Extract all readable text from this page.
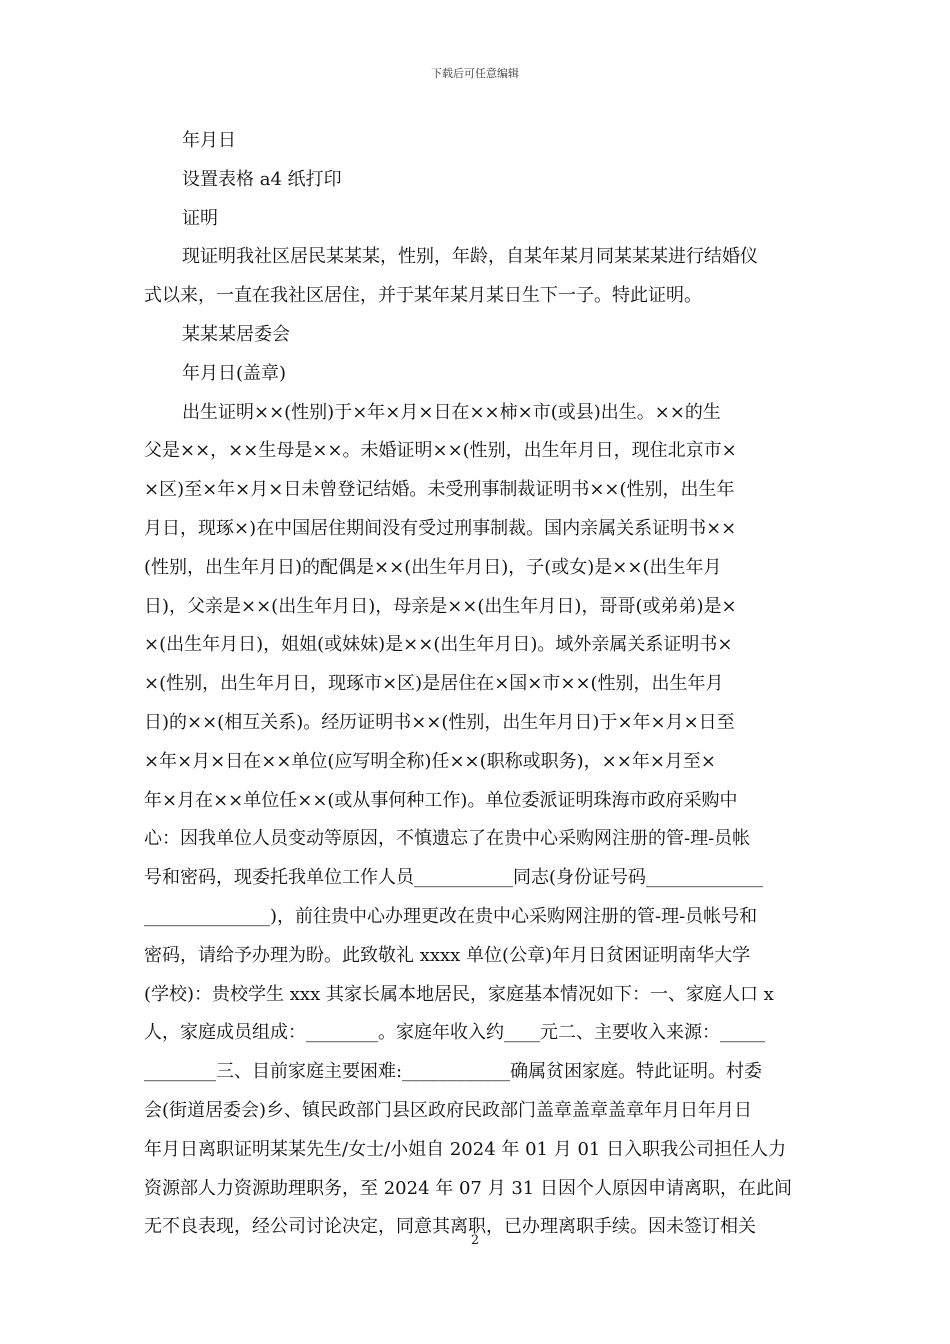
下载后可任意编辑
年月日
设置表格 a4 纸打印
证明
现证明我社区居民某某某，性别，年龄，自某年某月同某某某进行结婚仪
式以来，一直在我社区居住，并于某年某月某日生下一子。特此证明。
某某某居委会
年月日(盖章)
出生证明××(性别)于×年×月×日在××柿×市(或县)出生。××的生
父是××，××生母是××。未婚证明××(性别，出生年月日，现住北京市×
×区)至×年×月×日未曾登记结婚。未受刑事制裁证明书××(性别，出生年
月日，现琢×)在中国居住期间没有受过刑事制裁。国内亲属关系证明书××
(性别，出生年月日)的配偶是××(出生年月日)，子(或女)是××(出生年月
日)，父亲是××(出生年月日)，母亲是××(出生年月日)，哥哥(或弟弟)是×
×(出生年月日)，姐姐(或妹妹)是××(出生年月日)。域外亲属关系证明书×
×(性别，出生年月日，现琢市×区)是居住在×国×市××(性别，出生年月
日)的××(相互关系)。经历证明书××(性别，出生年月日)于×年×月×日至
×年×月×日在××单位(应写明全称)任××(职称或职务)，××年×月至×
年×月在××单位任××(或从事何种工作)。单位委派证明珠海市政府采购中
心：因我单位人员变动等原因，不慎遗忘了在贵中心采购网注册的管-理-员帐
号和密码，现委托我单位工作人员___________同志(身份证号码_____________
______________)，前往贵中心办理更改在贵中心采购网注册的管-理-员帐号和
密码，请给予办理为盼。此致敬礼 xxxx 单位(公章)年月日贫困证明南华大学
(学校)：贵校学生 xxx 其家长属本地居民，家庭基本情况如下：一、家庭人口 x
人，家庭成员组成：________。家庭年收入约____元二、主要收入来源：_____
________三、目前家庭主要困难:____________确属贫困家庭。特此证明。村委
会(街道居委会)乡、镇民政部门县区政府民政部门盖章盖章盖章年月日年月日
年月日离职证明某某先生/女士/小姐自 2024 年 01 月 01 日入职我公司担任人力
资源部人力资源助理职务，至 2024 年 07 月 31 日因个人原因申请离职，在此间
无不良表现，经公司讨论决定，同意其离职，已办理离职手续。因未签订相关
2
